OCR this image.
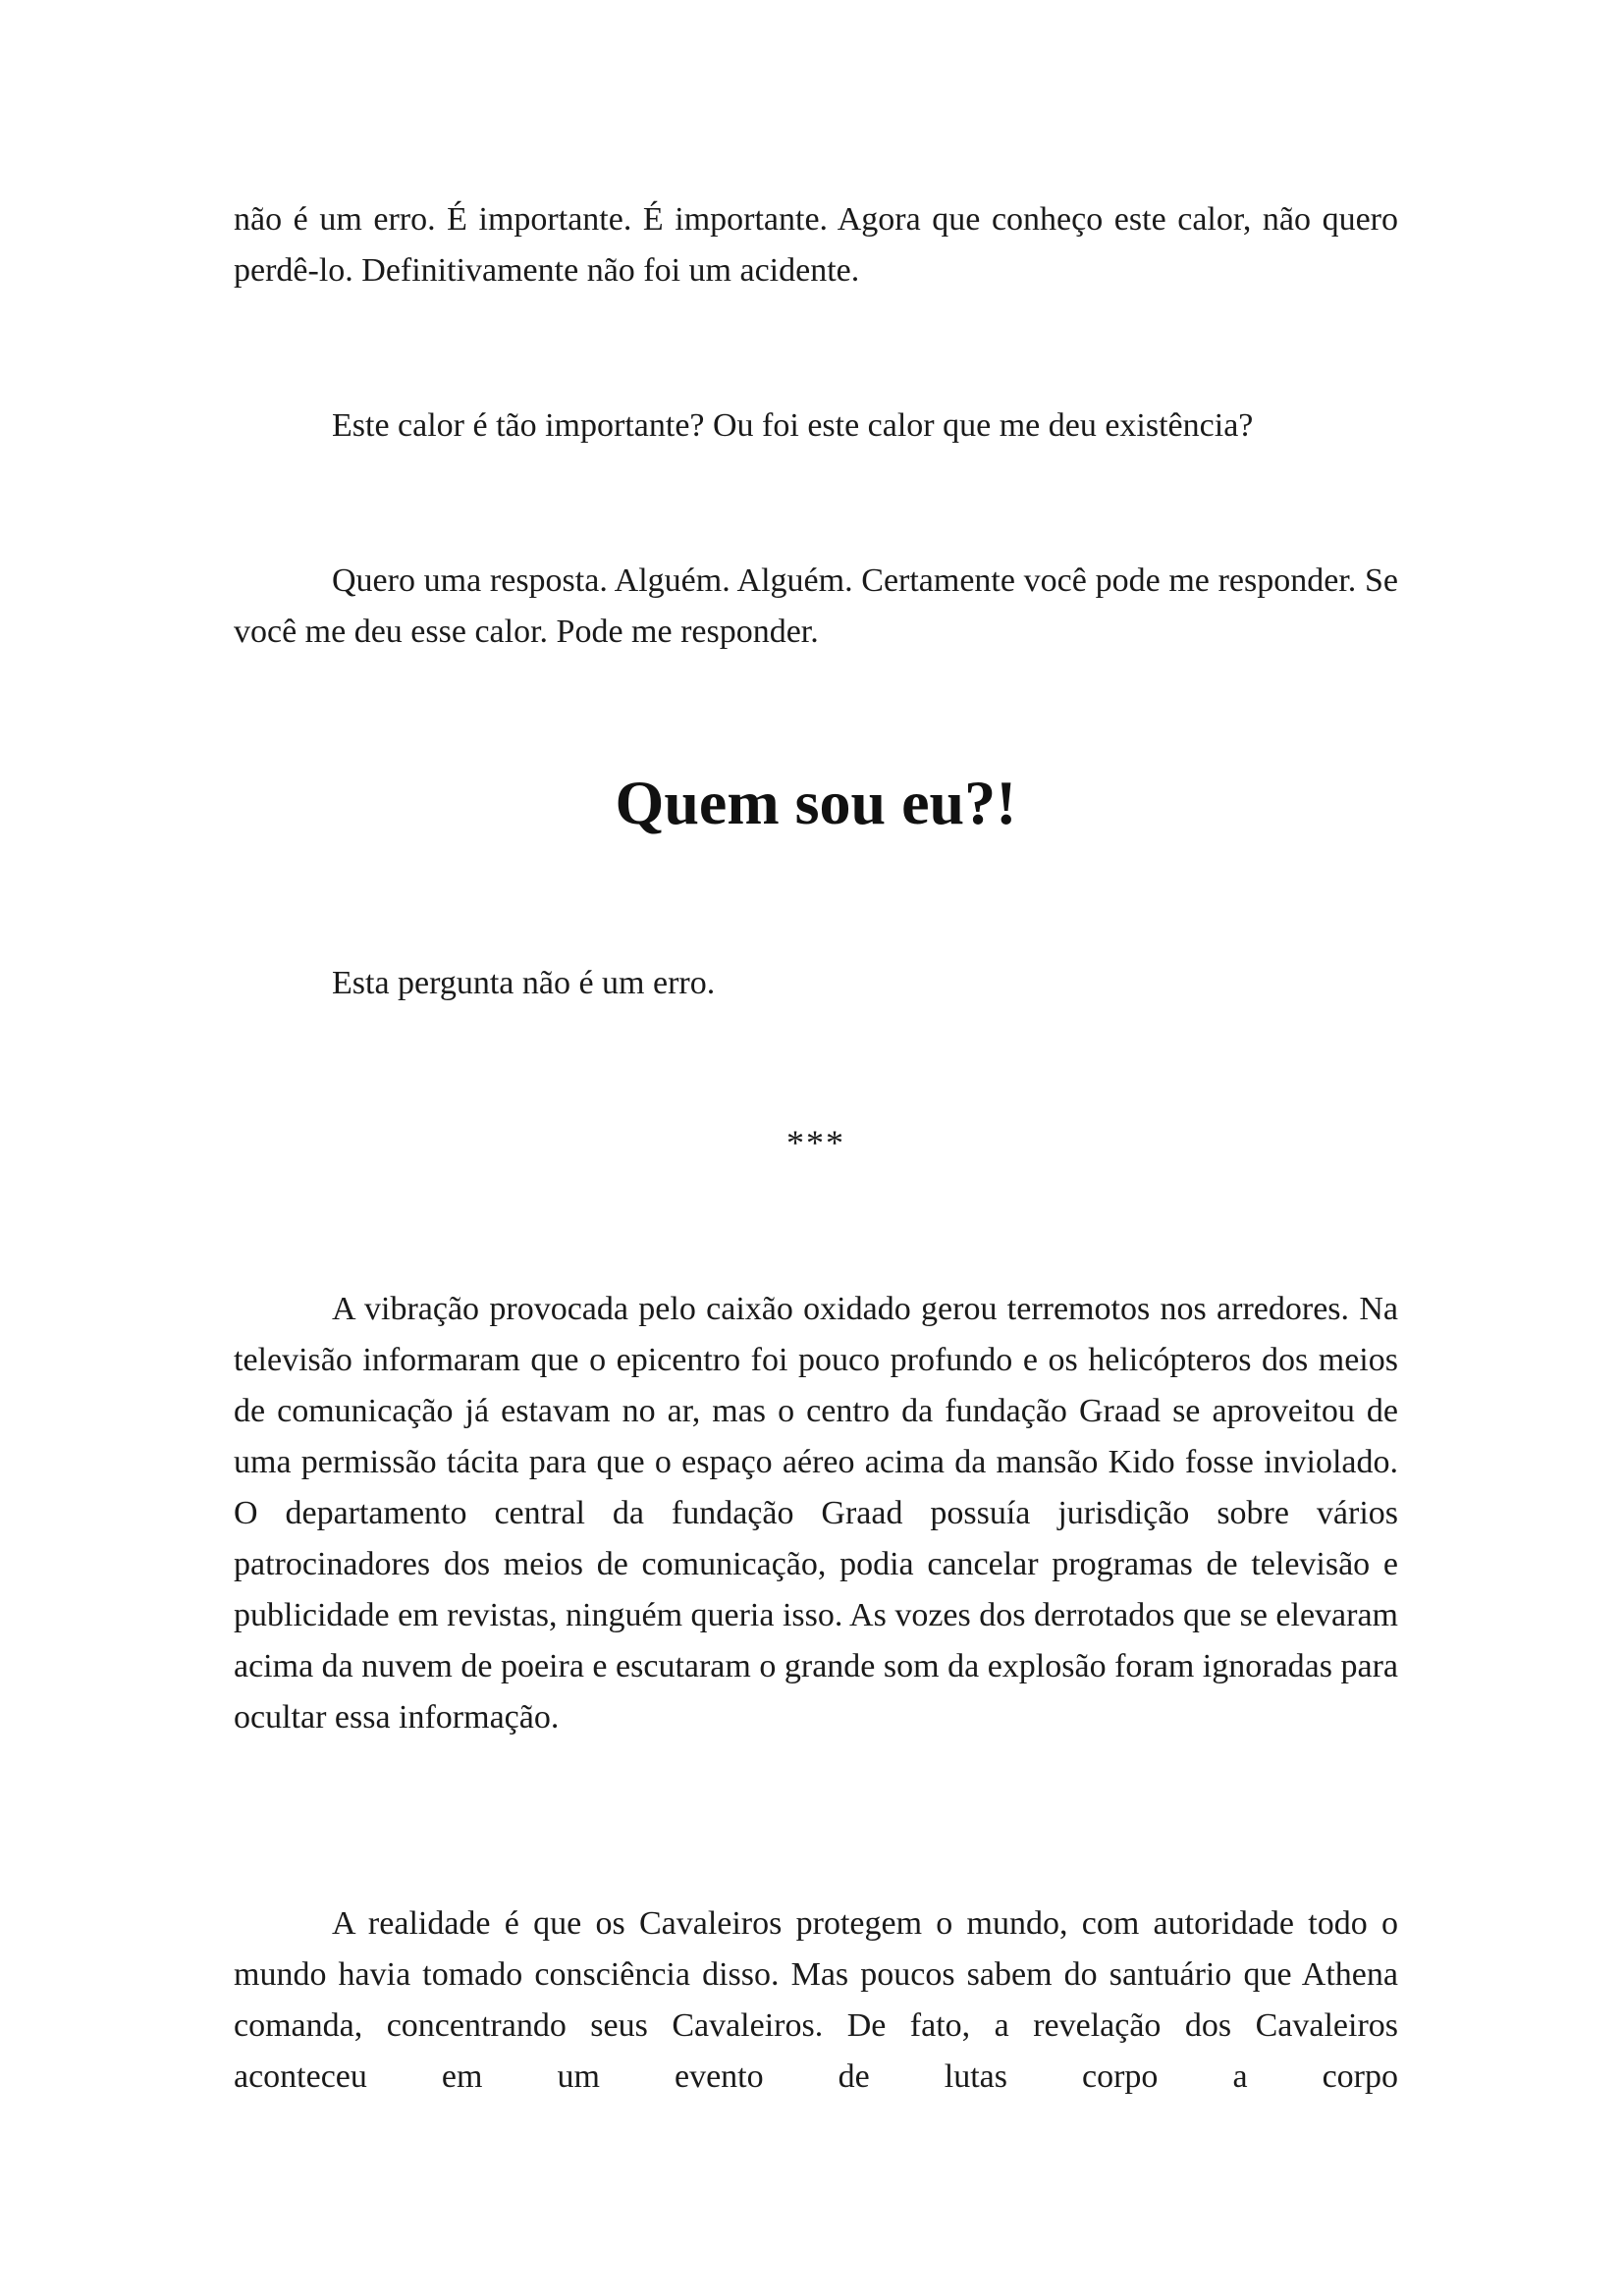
não é um erro. É importante. É importante. Agora que conheço este calor, não quero perdê-lo. Definitivamente não foi um acidente.

Este calor é tão importante? Ou foi este calor que me deu existência?

Quero uma resposta. Alguém. Alguém. Certamente você pode me responder. Se você me deu esse calor. Pode me responder.

Quem sou eu?!

Esta pergunta não é um erro.

***

A vibração provocada pelo caixão oxidado gerou terremotos nos arredores. Na televisão informaram que o epicentro foi pouco profundo e os helicópteros dos meios de comunicação já estavam no ar, mas o centro da fundação Graad se aproveitou de uma permissão tácita para que o espaço aéreo acima da mansão Kido fosse inviolado. O departamento central da fundação Graad possuía jurisdição sobre vários patrocinadores dos meios de comunicação, podia cancelar programas de televisão e publicidade em revistas, ninguém queria isso. As vozes dos derrotados que se elevaram acima da nuvem de poeira e escutaram o grande som da explosão foram ignoradas para ocultar essa informação.

A realidade é que os Cavaleiros protegem o mundo, com autoridade todo o mundo havia tomado consciência disso. Mas poucos sabem do santuário que Athena comanda, concentrando seus Cavaleiros. De fato, a revelação dos Cavaleiros aconteceu em um evento de lutas corpo a corpo
